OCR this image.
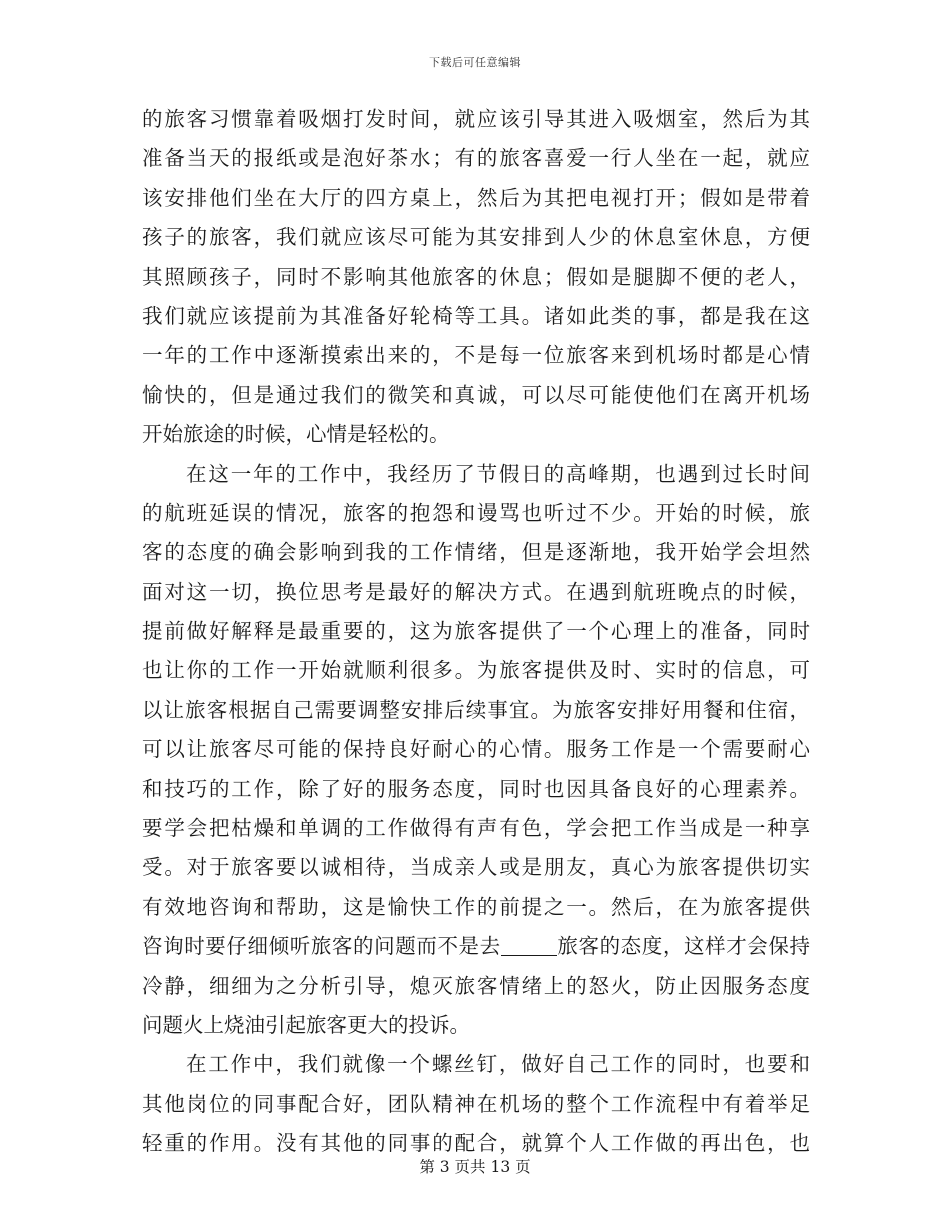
下载后可任意编辑
的旅客习惯靠着吸烟打发时间，就应该引导其进入吸烟室，然后为其
准备当天的报纸或是泡好茶水；有的旅客喜爱一行人坐在一起，就应
该安排他们坐在大厅的四方桌上，然后为其把电视打开；假如是带着
孩子的旅客，我们就应该尽可能为其安排到人少的休息室休息，方便
其照顾孩子，同时不影响其他旅客的休息；假如是腿脚不便的老人，
我们就应该提前为其准备好轮椅等工具。诸如此类的事，都是我在这
一年的工作中逐渐摸索出来的，不是每一位旅客来到机场时都是心情
愉快的，但是通过我们的微笑和真诚，可以尽可能使他们在离开机场
开始旅途的时候，心情是轻松的。
在这一年的工作中，我经历了节假日的高峰期，也遇到过长时间
的航班延误的情况，旅客的抱怨和谩骂也听过不少。开始的时候，旅
客的态度的确会影响到我的工作情绪，但是逐渐地，我开始学会坦然
面对这一切，换位思考是最好的解决方式。在遇到航班晚点的时候，
提前做好解释是最重要的，这为旅客提供了一个心理上的准备，同时
也让你的工作一开始就顺利很多。为旅客提供及时、实时的信息，可
以让旅客根据自己需要调整安排后续事宜。为旅客安排好用餐和住宿，
可以让旅客尽可能的保持良好耐心的心情。服务工作是一个需要耐心
和技巧的工作，除了好的服务态度，同时也因具备良好的心理素养。
要学会把枯燥和单调的工作做得有声有色，学会把工作当成是一种享
受。对于旅客要以诚相待，当成亲人或是朋友，真心为旅客提供切实
有效地咨询和帮助，这是愉快工作的前提之一。然后，在为旅客提供
咨询时要仔细倾听旅客的问题而不是去	旅客的态度，这样才会保持
冷静，细细为之分析引导，熄灭旅客情绪上的怒火，防止因服务态度
问题火上烧油引起旅客更大的投诉。
在工作中，我们就像一个螺丝钉，做好自己工作的同时，也要和
其他岗位的同事配合好，团队精神在机场的整个工作流程中有着举足
轻重的作用。没有其他的同事的配合，就算个人工作做的再出色，也
第 3 页共 13 页
